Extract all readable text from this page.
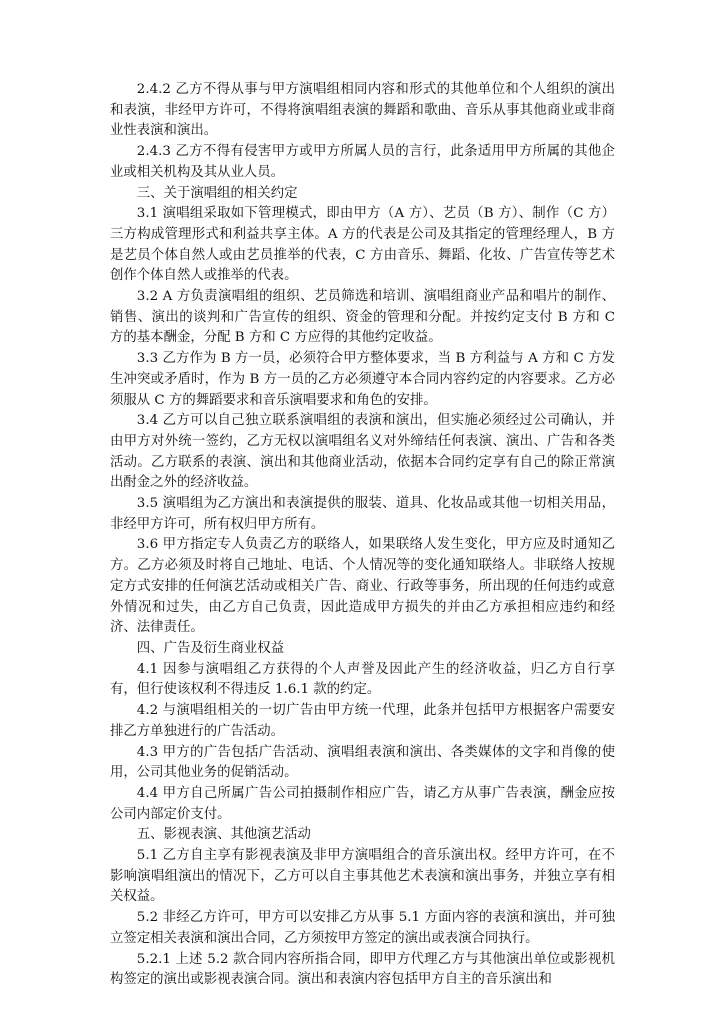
2.4.2 乙方不得从事与甲方演唱组相同内容和形式的其他单位和个人组织的演出和表演，非经甲方许可，不得将演唱组表演的舞蹈和歌曲、音乐从事其他商业或非商业性表演和演出。

2.4.3 乙方不得有侵害甲方或甲方所属人员的言行，此条适用甲方所属的其他企业或相关机构及其从业人员。

三、关于演唱组的相关约定

3.1 演唱组采取如下管理模式，即由甲方（A 方）、艺员（B 方）、制作（C 方）三方构成管理形式和利益共享主体。A 方的代表是公司及其指定的管理经理人，B 方是艺员个体自然人或由艺员推举的代表，C 方由音乐、舞蹈、化妆、广告宣传等艺术创作个体自然人或推举的代表。

3.2 A 方负责演唱组的组织、艺员筛选和培训、演唱组商业产品和唱片的制作、销售、演出的谈判和广告宣传的组织、资金的管理和分配。并按约定支付 B 方和 C 方的基本酬金，分配 B 方和 C 方应得的其他约定收益。

3.3 乙方作为 B 方一员，必须符合甲方整体要求，当 B 方利益与 A 方和 C 方发生冲突或矛盾时，作为 B 方一员的乙方必须遵守本合同内容约定的内容要求。乙方必须服从 C 方的舞蹈要求和音乐演唱要求和角色的安排。

3.4 乙方可以自己独立联系演唱组的表演和演出，但实施必须经过公司确认，并由甲方对外统一签约，乙方无权以演唱组名义对外缔结任何表演、演出、广告和各类活动。乙方联系的表演、演出和其他商业活动，依据本合同约定享有自己的除正常演出酎金之外的经济收益。

3.5 演唱组为乙方演出和表演提供的服装、道具、化妆品或其他一切相关用品，非经甲方许可，所有权归甲方所有。

3.6 甲方指定专人负责乙方的联络人，如果联络人发生变化，甲方应及时通知乙方。乙方必须及时将自己地址、电话、个人情况等的变化通知联络人。非联络人按规定方式安排的任何演艺活动或相关广告、商业、行政等事务，所出现的任何违约或意外情况和过失，由乙方自己负责，因此造成甲方损失的并由乙方承担相应违约和经济、法律责任。

四、广告及衍生商业权益

4.1 因参与演唱组乙方获得的个人声誉及因此产生的经济收益，归乙方自行享有，但行使该权利不得违反 1.6.1 款的约定。

4.2 与演唱组相关的一切广告由甲方统一代理，此条并包括甲方根据客户需要安排乙方单独进行的广告活动。

4.3 甲方的广告包括广告活动、演唱组表演和演出、各类媒体的文字和肖像的使用，公司其他业务的促销活动。

4.4 甲方自己所属广告公司拍摄制作相应广告，请乙方从事广告表演，酬金应按公司内部定价支付。

五、影视表演、其他演艺活动

5.1 乙方自主享有影视表演及非甲方演唱组合的音乐演出权。经甲方许可，在不影响演唱组演出的情况下，乙方可以自主事其他艺术表演和演出事务，并独立享有相关权益。

5.2 非经乙方许可，甲方可以安排乙方从事 5.1 方面内容的表演和演出，并可独立签定相关表演和演出合同，乙方须按甲方签定的演出或表演合同执行。

5.2.1 上述 5.2 款合同内容所指合同，即甲方代理乙方与其他演出单位或影视机构签定的演出或影视表演合同。演出和表演内容包括甲方自主的音乐演出和
